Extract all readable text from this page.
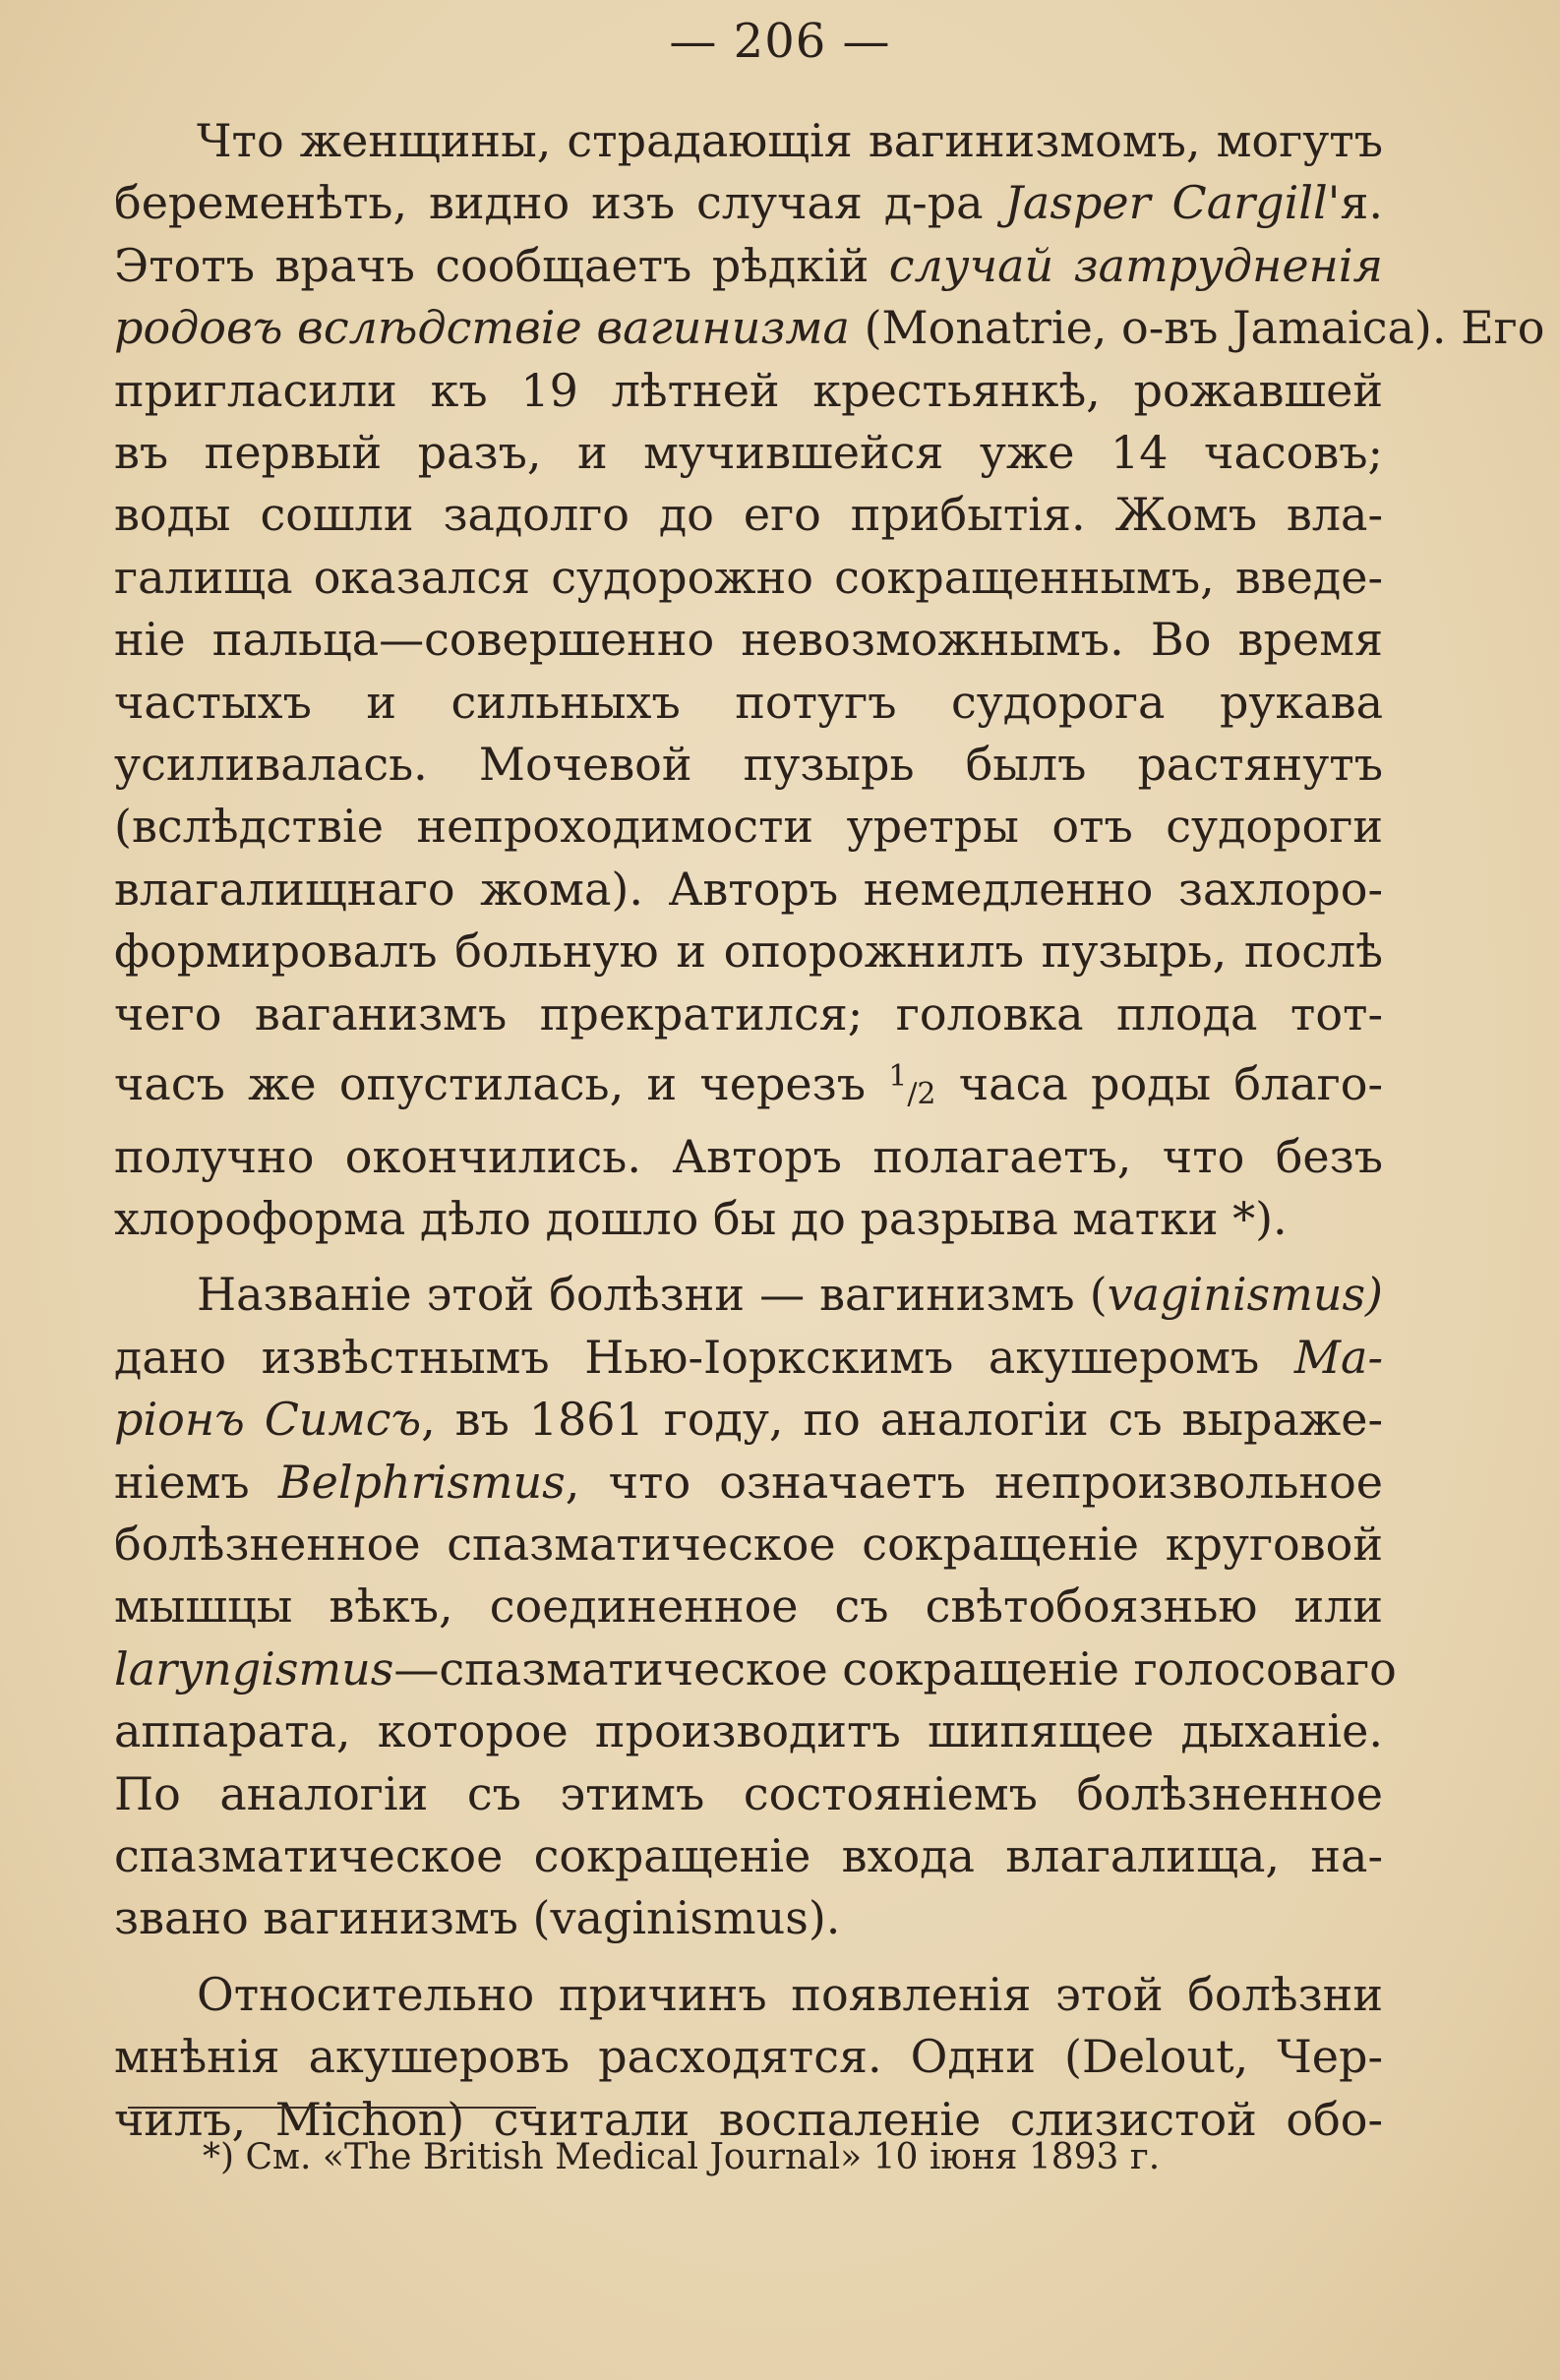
— 206 —
Что женщины, страдающія вагинизмомъ, могутъ
беременѣть, видно изъ случая д-ра Jasper Cargill'я.
Этотъ врачъ сообщаетъ рѣдкій случай затрудненія
родовъ вслѣдствіе вагинизма (Monatrie, о-въ Jamaica). Его
пригласили къ 19 лѣтней крестьянкѣ, рожавшей
въ первый разъ, и мучившейся уже 14 часовъ;
воды сошли задолго до его прибытія. Жомъ вла-
галища оказался судорожно сокращеннымъ, введе-
ніе пальца—совершенно невозможнымъ. Во время
частыхъ и сильныхъ потугъ судорога рукава
усиливалась. Мочевой пузырь былъ растянутъ
(вслѣдствіе непроходимости уретры отъ судороги
влагалищнаго жома). Авторъ немедленно захлоро-
формировалъ больную и опорожнилъ пузырь, послѣ
чего ваганизмъ прекратился; головка плода тот-
часъ же опустилась, и черезъ $^1$/2 часа роды благо-
получно окончились. Авторъ полагаетъ, что безъ
хлороформа дѣло дошло бы до разрыва матки *).
Названіе этой болѣзни — вагинизмъ (vaginismus)
дано извѣстнымъ Нью-Іоркскимъ акушеромъ Ма-
ріонъ Симсъ, въ 1861 году, по аналогіи съ выраже-
ніемъ Belphrismus, что означаетъ непроизвольное
болѣзненное спазматическое сокращеніе круговой
мышцы вѣкъ, соединенное съ свѣтобоязнью или
laryngismus—спазматическое сокращеніе голосоваго
аппарата, которое производитъ шипящее дыханіе.
По аналогіи съ этимъ состояніемъ болѣзненное
спазматическое сокращеніе входа влагалища, на-
звано вагинизмъ (vaginismus).
Относительно причинъ появленія этой болѣзни
мнѣнія акушеровъ расходятся. Одни (Delout, Чер-
чилъ, Michon) считали воспаленіе слизистой обо-
*) См. «The British Medical Journal» 10 іюня 1893 г.
